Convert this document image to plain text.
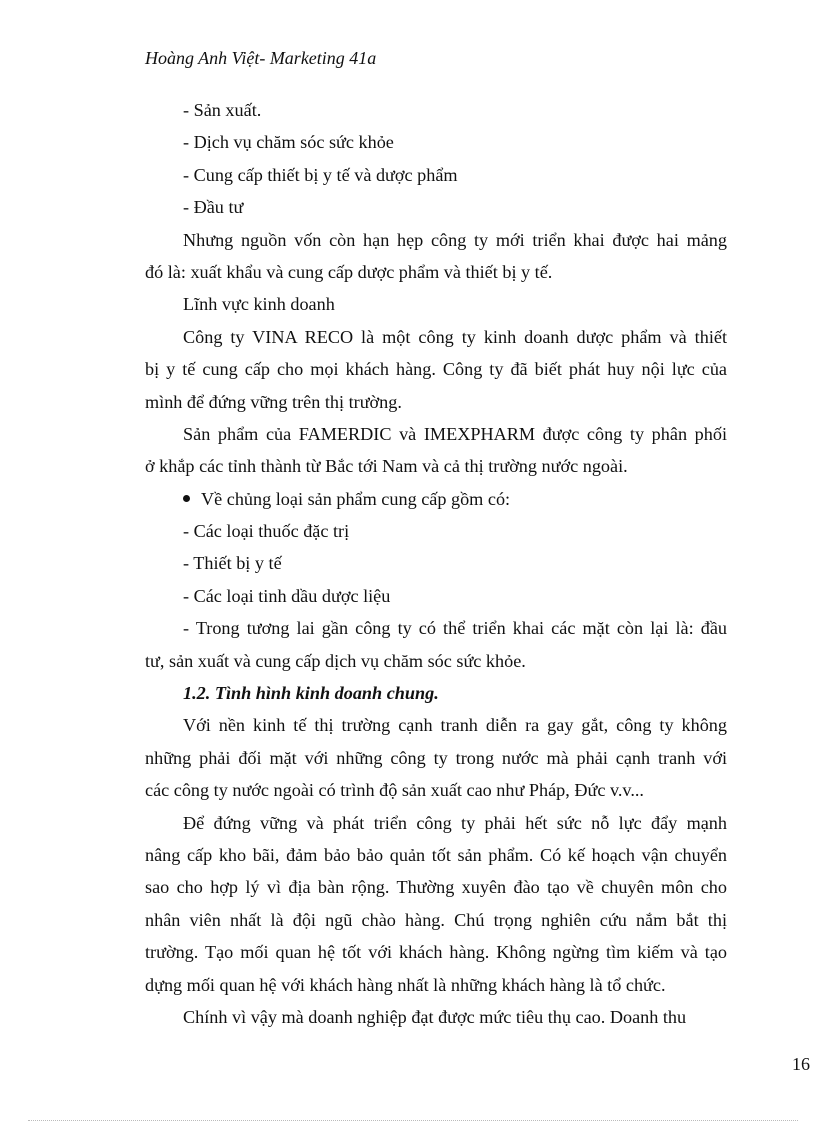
Hoàng Anh Việt- Marketing 41a
- Sản xuất.
- Dịch vụ chăm sóc sức khỏe
- Cung cấp thiết bị y tế và dược phẩm
- Đầu tư
Nhưng nguồn vốn còn hạn hẹp công ty mới triển khai được hai mảng
đó là: xuất khẩu và cung cấp dược phẩm và thiết bị y tế.
Lĩnh vực kinh doanh
Công ty VINA RECO là một công ty kinh doanh dược phẩm và thiết
bị y tế cung cấp cho mọi khách hàng. Công ty đã biết phát huy nội lực của
mình để đứng vững trên thị trường.
Sản phẩm của FAMERDIC và IMEXPHARM được công ty phân phối
ở khắp các tỉnh thành từ Bắc tới Nam và cả thị trường nước ngoài.
Về chủng loại sản phẩm cung cấp gồm có:
- Các loại thuốc đặc trị
- Thiết bị y tế
- Các loại tinh dầu dược liệu
- Trong tương lai gần công ty có thể triển khai các mặt còn lại là: đầu
tư, sản xuất và cung cấp dịch vụ chăm sóc sức khỏe.
1.2. Tình hình kinh doanh chung.
Với nền kinh tế thị trường cạnh tranh diễn ra gay gắt, công ty không
những phải đối mặt với những công ty trong nước mà phải cạnh tranh với
các công ty nước ngoài có trình độ sản xuất cao như Pháp, Đức v.v...
Để đứng vững và phát triển công ty phải hết sức nỗ lực đẩy mạnh
nâng cấp kho bãi, đảm bảo bảo quản tốt sản phẩm. Có kế hoạch vận chuyển
sao cho hợp lý vì địa bàn rộng. Thường xuyên đào tạo về chuyên môn cho
nhân viên nhất là đội ngũ chào hàng. Chú trọng nghiên cứu nắm bắt thị
trường. Tạo mối quan hệ tốt với khách hàng. Không ngừng tìm kiếm và tạo
dựng mối quan hệ với khách hàng nhất là những khách hàng là tổ chức.
Chính vì vậy mà doanh nghiệp đạt được mức tiêu thụ cao. Doanh thu
16
